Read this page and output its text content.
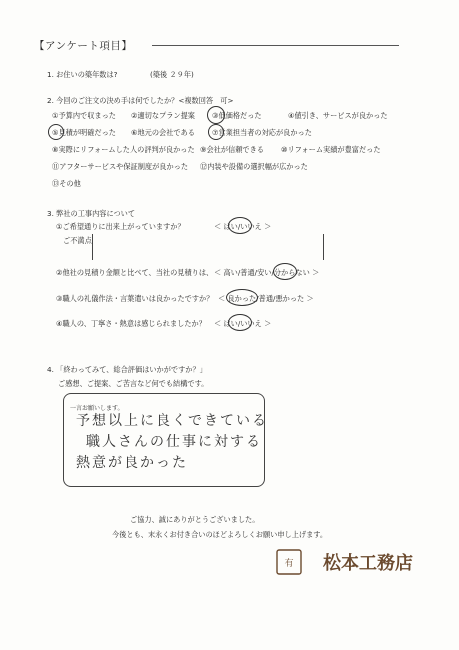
【アンケート項目】
1. お住いの築年数は?	(築後 ２９年)
2. 今回のご注文の決め手は何でしたか？<複数回答　可>
①予算内で収まった ②適切なプラン提案 ③低価格だった	④値引き、サービスが良かった
⑤見積が明確だった ⑥地元の会社である ⑦営業担当者の対応が良かった
⑧実際にリフォームした人の評判が良かった ⑨会社が信頼できる ⑩リフォーム実績が豊富だった
⑪アフターサービスや保証制度が良かった ⑫内装や設備の選択幅が広かった
⑬その他
3. 弊社の工事内容について
①ご希望通りに出来上がっていますか？	＜ はい/いいえ ＞
ご不満点
②他社の見積り金額と比べて、当社の見積りは、 ＜ 高い/普通/安い/分からない ＞
③職人の礼儀作法・言葉遣いは良かったですか？ ＜ 良かった/普通/悪かった ＞
④職人の、丁寧さ・熱意は感じられましたか？ ＜ はい/いいえ ＞
4. 「終わってみて、総合評価はいかがですか？」
ご感想、ご提案、ご苦言など何でも結構です。
一言お願いします。
予想以上に良くできている
職人さんの仕事に対する
熱意が良かった
ご協力、誠にありがとうございました。
今後とも、末永くお付き合いのほどよろしくお願い申し上げます。
有 松本工務店
